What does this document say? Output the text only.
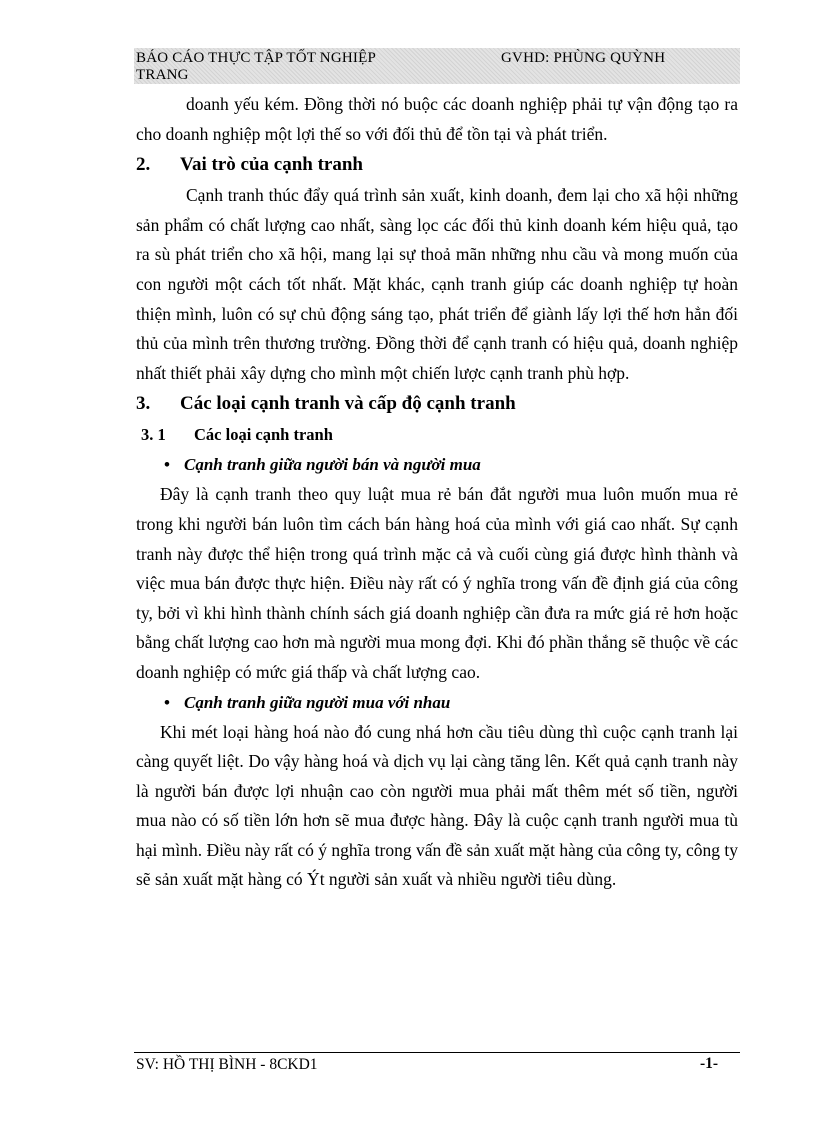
BÁO CÁO THỰC TẬP TỐT NGHIỆP	GVHD: PHÙNG QUỲNH
TRANG

doanh yếu kém. Đồng thời nó buộc các doanh nghiệp phải tự vận động tạo ra cho doanh nghiệp một lợi thế so với đối thủ để tồn tại và phát triển.

2. Vai trò của cạnh tranh

Cạnh tranh thúc đẩy quá trình sản xuất, kinh doanh, đem lại cho xã hội những sản phẩm có chất lượng cao nhất, sàng lọc các đối thủ kinh doanh kém hiệu quả, tạo ra sù phát triển cho xã hội, mang lại sự thoả mãn những nhu cầu và mong muốn của con người một cách tốt nhất. Mặt khác, cạnh tranh giúp các doanh nghiệp tự hoàn thiện mình, luôn có sự chủ động sáng tạo, phát triển để giành lấy lợi thế hơn hẳn đối thủ của mình trên thương trường. Đồng thời để cạnh tranh có hiệu quả, doanh nghiệp nhất thiết phải xây dựng cho mình một chiến lược cạnh tranh phù hợp.

3. Các loại cạnh tranh và cấp độ cạnh tranh
3. 1 Các loại cạnh tranh
• Cạnh tranh giữa người bán và người mua

Đây là cạnh tranh theo quy luật mua rẻ bán đắt người mua luôn muốn mua rẻ trong khi người bán luôn tìm cách bán hàng hoá của mình với giá cao nhất. Sự cạnh tranh này được thể hiện trong quá trình mặc cả và cuối cùng giá được hình thành và việc mua bán được thực hiện. Điều này rất có ý nghĩa trong vấn đề định giá của công ty, bởi vì khi hình thành chính sách giá doanh nghiệp cần đưa ra mức giá rẻ hơn hoặc bằng chất lượng cao hơn mà người mua mong đợi. Khi đó phần thắng sẽ thuộc về các doanh nghiệp có mức giá thấp và chất lượng cao.

• Cạnh tranh giữa người mua với nhau

Khi mét loại hàng hoá nào đó cung nhá hơn cầu tiêu dùng thì cuộc cạnh tranh lại càng quyết liệt. Do vậy hàng hoá và dịch vụ lại càng tăng lên. Kết quả cạnh tranh này là người bán được lợi nhuận cao còn người mua phải mất thêm mét số tiền, người mua nào có số tiền lớn hơn sẽ mua được hàng. Đây là cuộc cạnh tranh người mua tù hại mình. Điều này rất có ý nghĩa trong vấn đề sản xuất mặt hàng của công ty, công ty sẽ sản xuất mặt hàng có Ýt người sản xuất và nhiều người tiêu dùng.

SV: HỒ THỊ BÌNH - 8CKD1	-1-
